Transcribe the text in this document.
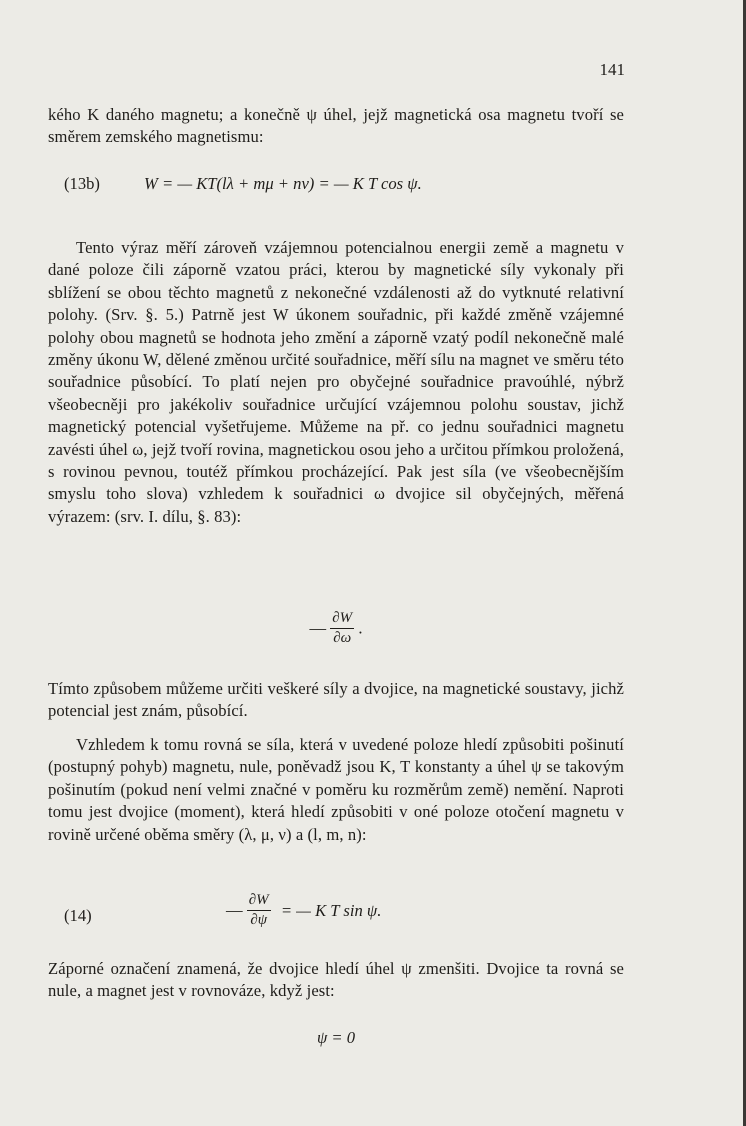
141

kého K daného magnetu; a konečně ψ úhel, jejž magnetická osa magnetu tvoří se směrem zemského magnetismu:

(13b)	W = — KT(lλ + mμ + nν) = — K T cos ψ.

Tento výraz měří zároveň vzájemnou potencialnou energii země a magnetu v dané poloze čili záporně vzatou práci, kterou by magnetické síly vykonaly při sblížení se obou těchto magnetů z nekonečné vzdálenosti až do vytknuté relativní polohy. (Srv. §. 5.) Patrně jest W úkonem souřadnic, při každé změně vzájemné polohy obou magnetů se hodnota jeho změní a záporně vzatý podíl nekonečně malé změny úkonu W, dělené změnou určité souřadnice, měří sílu na magnet ve směru této souřadnice působící. To platí nejen pro obyčejné souřadnice pravoúhlé, nýbrž všeobecněji pro jakékoliv souřadnice určující vzájemnou polohu soustav, jichž magnetický potencial vyšetřujeme. Můžeme na př. co jednu souřadnici magnetu zavésti úhel ω, jejž tvoří rovina, magnetickou osou jeho a určitou přímkou proložená, s rovinou pevnou, toutéž přímkou procházející. Pak jest síla (ve všeobecnějším smyslu toho slova) vzhledem k souřadnici ω dvojice sil obyčejných, měřená výrazem: (srv. I. dílu, §. 83):

— $\frac{\partial W}{\partial\omega}$ .

Tímto způsobem můžeme určiti veškeré síly a dvojice, na magnetické soustavy, jichž potencial jest znám, působící.

Vzhledem k tomu rovná se síla, která v uvedené poloze hledí způsobiti pošinutí (postupný pohyb) magnetu, nule, poněvadž jsou K, T konstanty a úhel ψ se takovým pošinutím (pokud není velmi značné v poměru ku rozměrům země) nemění. Naproti tomu jest dvojice (moment), která hledí způsobiti v oné poloze otočení magnetu v rovině určené oběma směry (λ, μ, ν) a (l, m, n):

(14)	— $\frac{\partial W}{\partial\psi}$ = — K T sin ψ.

Záporné označení znamená, že dvojice hledí úhel ψ zmenšiti. Dvojice ta rovná se nule, a magnet jest v rovnováze, když jest:

ψ = 0
